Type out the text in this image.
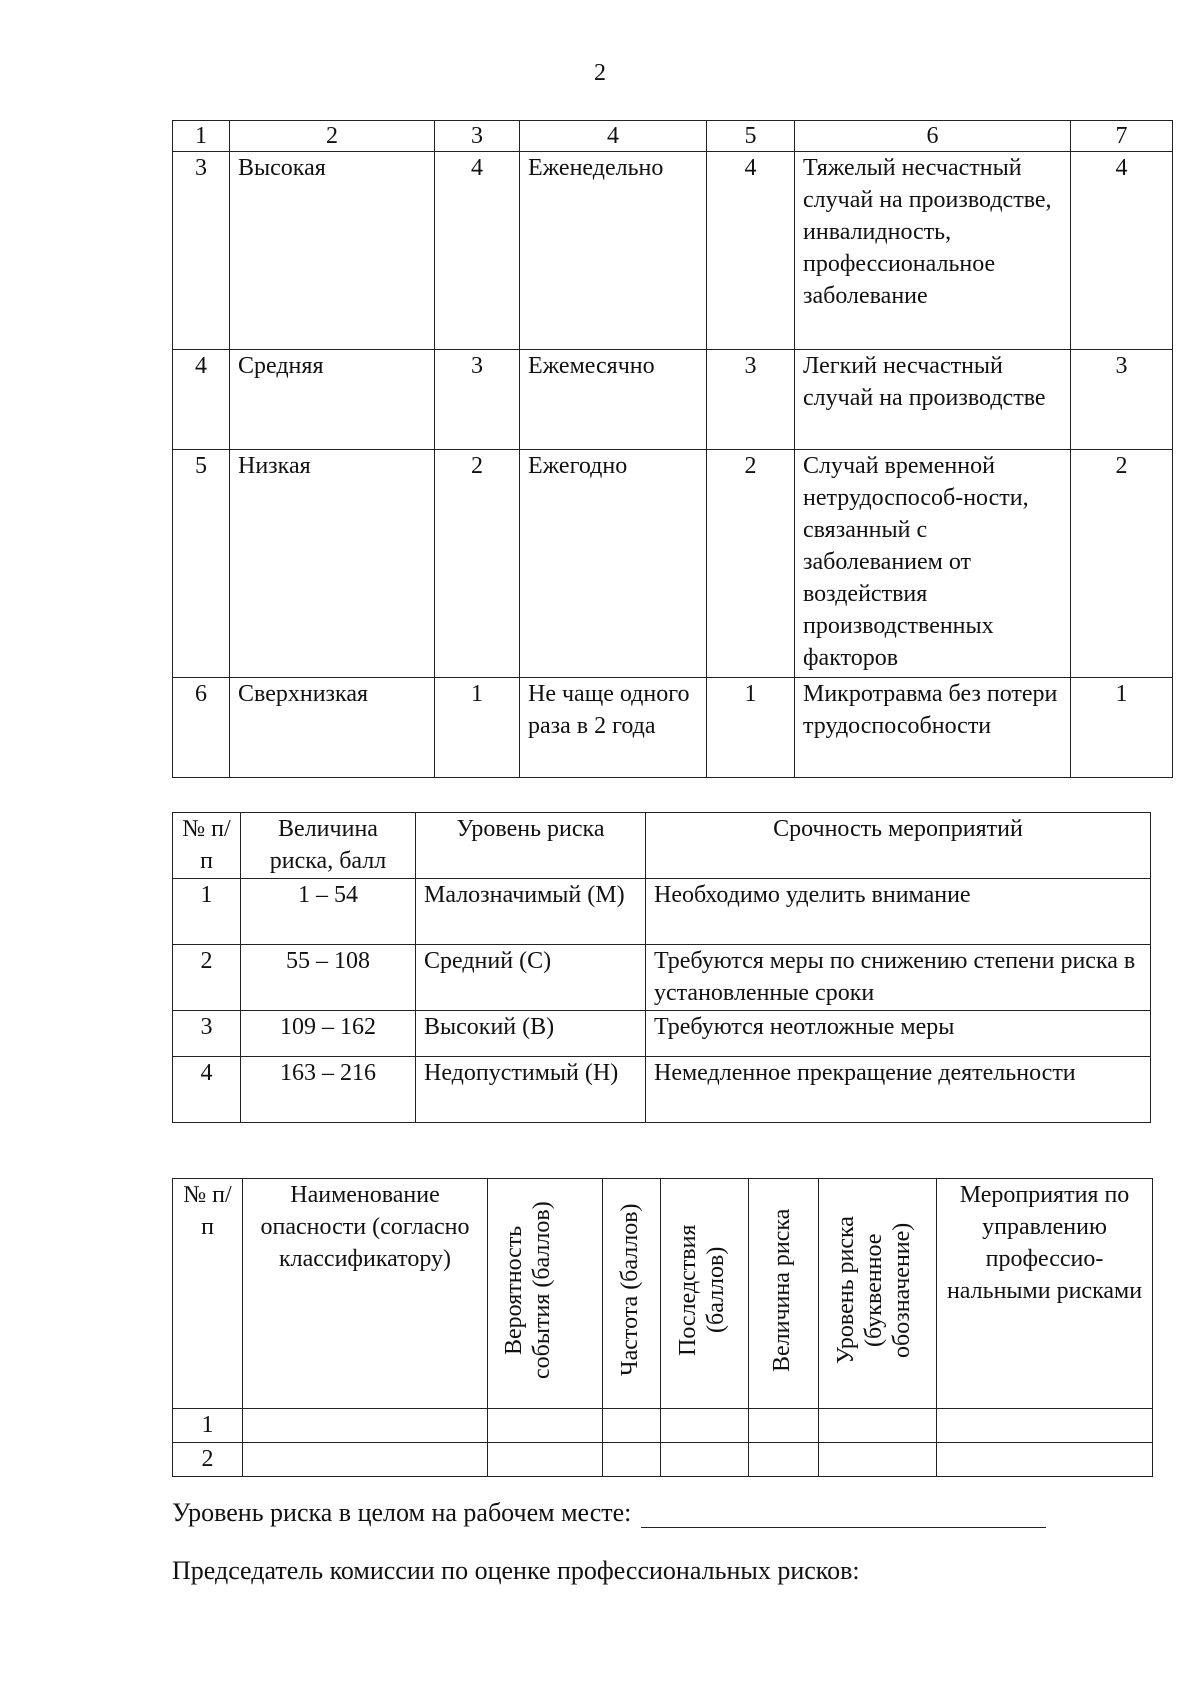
2
1	2	3	4	5	6	7
3	Высокая	4	Еженедельно	4	Тяжелый несчастный случай на производстве, инвалидность, профессиональное заболевание	4
4	Средняя	3	Ежемесячно	3	Легкий несчастный случай на производстве	3
5	Низкая	2	Ежегодно	2	Случай временной нетрудоспособ-ности, связанный с заболеванием от воздействия производственных факторов	2
6	Сверхнизкая	1	Не чаще одного раза в 2 года	1	Микротравма без потери трудоспособности	1
№ п/п	Величина риска, балл	Уровень риска	Срочность мероприятий
1	1 – 54	Малозначимый (М)	Необходимо уделить внимание
2	55 – 108	Средний (С)	Требуются меры по снижению степени риска в установленные сроки
3	109 – 162	Высокий (В)	Требуются неотложные меры
4	163 – 216	Недопустимый (Н)	Немедленное прекращение деятельности
№ п/п	Наименование опасности (согласно классификатору)	Вероятность события (баллов)	Частота (баллов)	Последствия (баллов)	Величина риска	Уровень риска (буквенное обозначение)	Мероприятия по управлению профессио-нальными рисками
1							
2							
Уровень риска в целом на рабочем месте:
Председатель комиссии по оценке профессиональных рисков:
